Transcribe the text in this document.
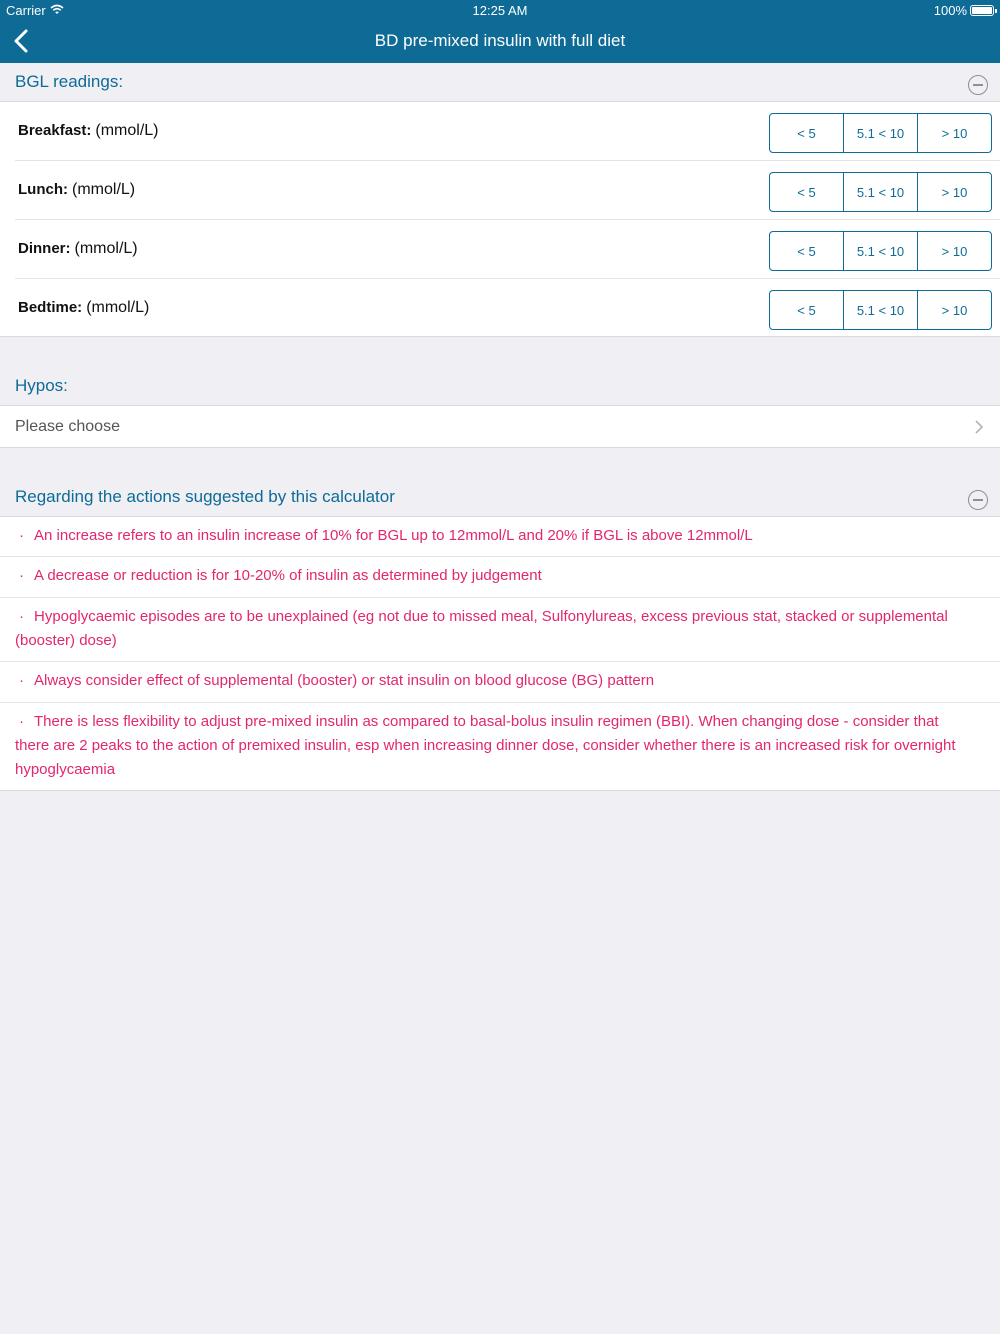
Carrier	12:25 AM	100%
BD pre-mixed insulin with full diet
BGL readings:
Breakfast: (mmol/L)	< 5	5.1 < 10	> 10
Lunch: (mmol/L)	< 5	5.1 < 10	> 10
Dinner: (mmol/L)	< 5	5.1 < 10	> 10
Bedtime: (mmol/L)	< 5	5.1 < 10	> 10
Hypos:
Please choose
Regarding the actions suggested by this calculator
· An increase refers to an insulin increase of 10% for BGL up to 12mmol/L and 20% if BGL is above 12mmol/L
· A decrease or reduction is for 10-20% of insulin as determined by judgement
· Hypoglycaemic episodes are to be unexplained (eg not due to missed meal, Sulfonylureas, excess previous stat, stacked or supplemental (booster) dose)
· Always consider effect of supplemental (booster) or stat insulin on blood glucose (BG) pattern
· There is less flexibility to adjust pre-mixed insulin as compared to basal-bolus insulin regimen (BBI). When changing dose - consider that there are 2 peaks to the action of premixed insulin, esp when increasing dinner dose, consider whether there is an increased risk for overnight hypoglycaemia
